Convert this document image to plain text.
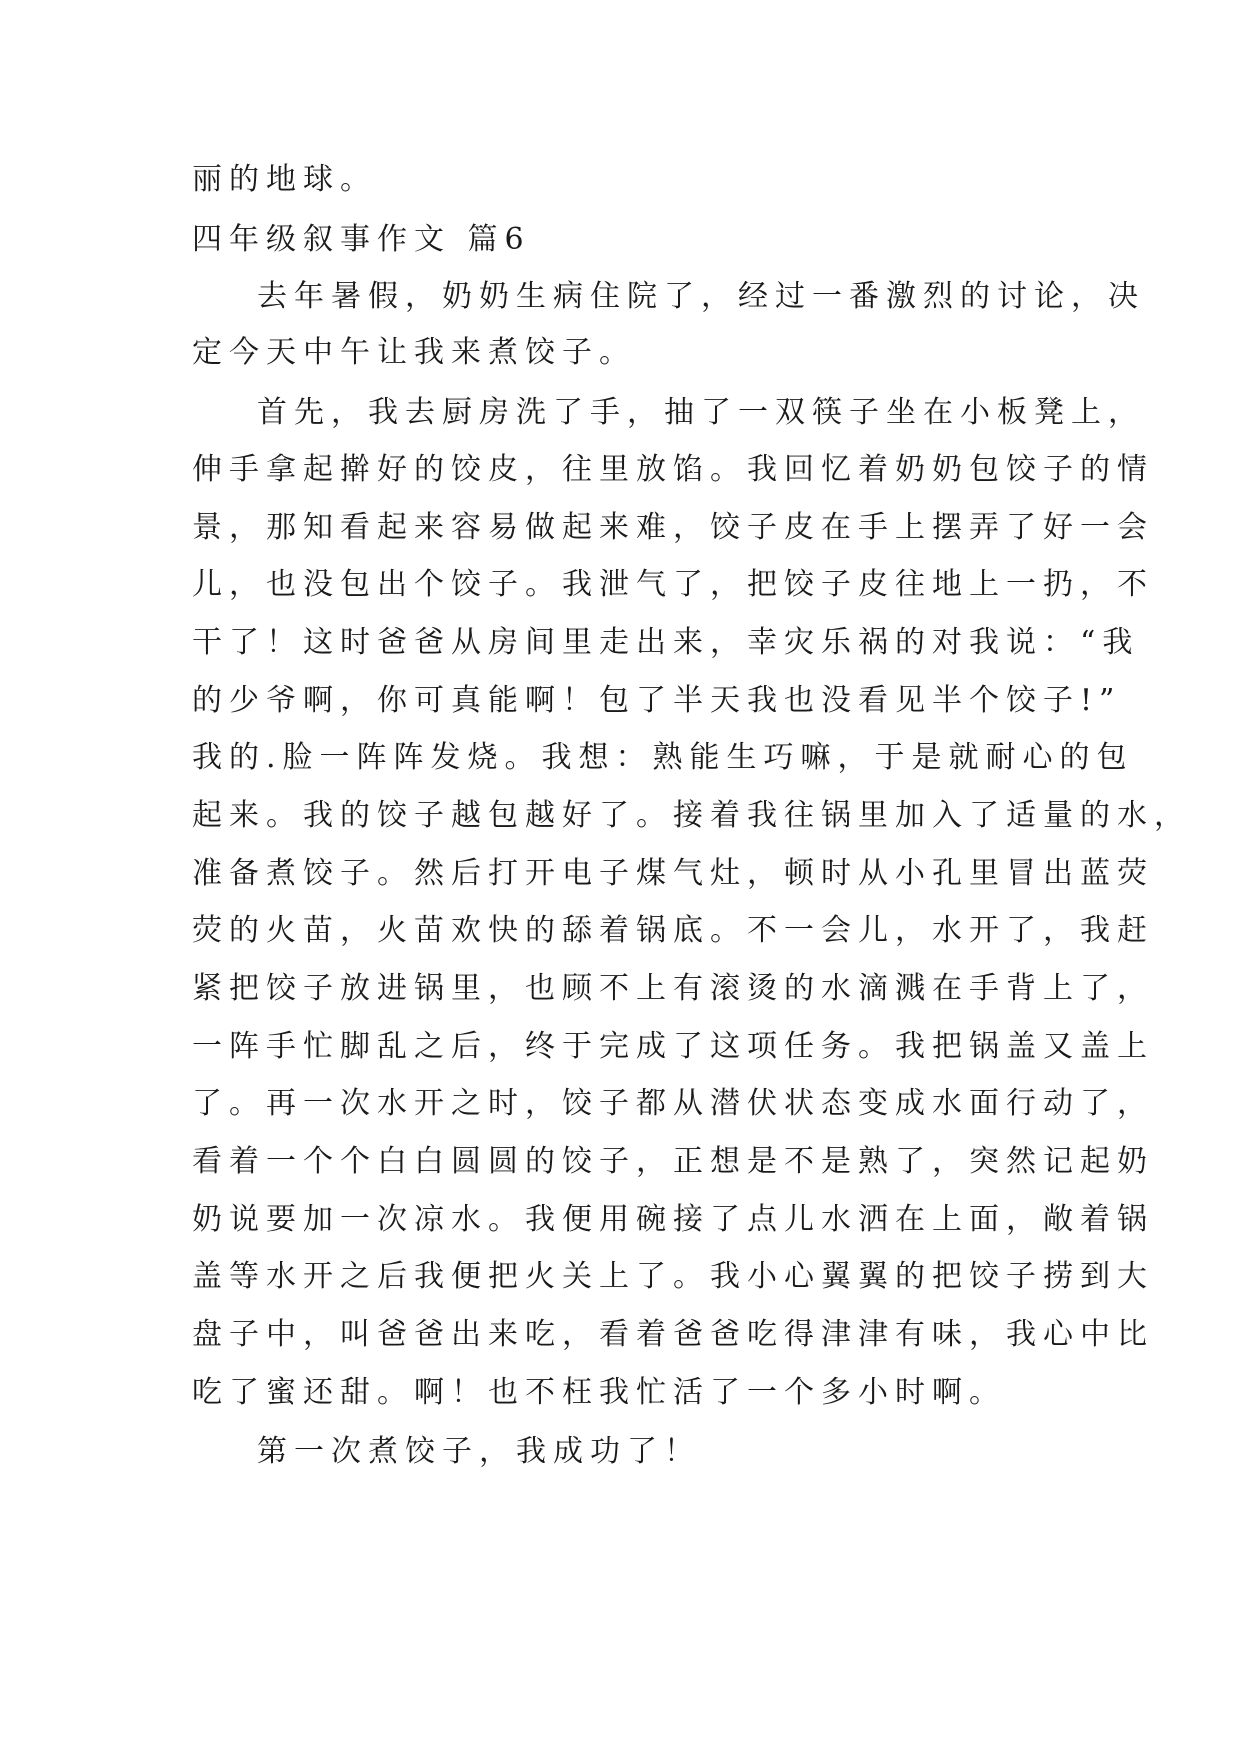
丽的地球。
四年级叙事作文 篇6
去年暑假，奶奶生病住院了，经过一番激烈的讨论，决
定今天中午让我来煮饺子。
首先，我去厨房洗了手，抽了一双筷子坐在小板凳上，
伸手拿起擀好的饺皮，往里放馅。我回忆着奶奶包饺子的情
景，那知看起来容易做起来难，饺子皮在手上摆弄了好一会
儿，也没包出个饺子。我泄气了，把饺子皮往地上一扔，不
干了！这时爸爸从房间里走出来，幸灾乐祸的对我说：“我
的少爷啊，你可真能啊！包了半天我也没看见半个饺子!”
我的.脸一阵阵发烧。我想：熟能生巧嘛，于是就耐心的包
起来。我的饺子越包越好了。接着我往锅里加入了适量的水，
准备煮饺子。然后打开电子煤气灶，顿时从小孔里冒出蓝荧
荧的火苗，火苗欢快的舔着锅底。不一会儿，水开了，我赶
紧把饺子放进锅里，也顾不上有滚烫的水滴溅在手背上了，
一阵手忙脚乱之后，终于完成了这项任务。我把锅盖又盖上
了。再一次水开之时，饺子都从潜伏状态变成水面行动了，
看着一个个白白圆圆的饺子，正想是不是熟了，突然记起奶
奶说要加一次凉水。我便用碗接了点儿水洒在上面，敞着锅
盖等水开之后我便把火关上了。我小心翼翼的把饺子捞到大
盘子中，叫爸爸出来吃，看着爸爸吃得津津有味，我心中比
吃了蜜还甜。啊！也不枉我忙活了一个多小时啊。
第一次煮饺子，我成功了！
